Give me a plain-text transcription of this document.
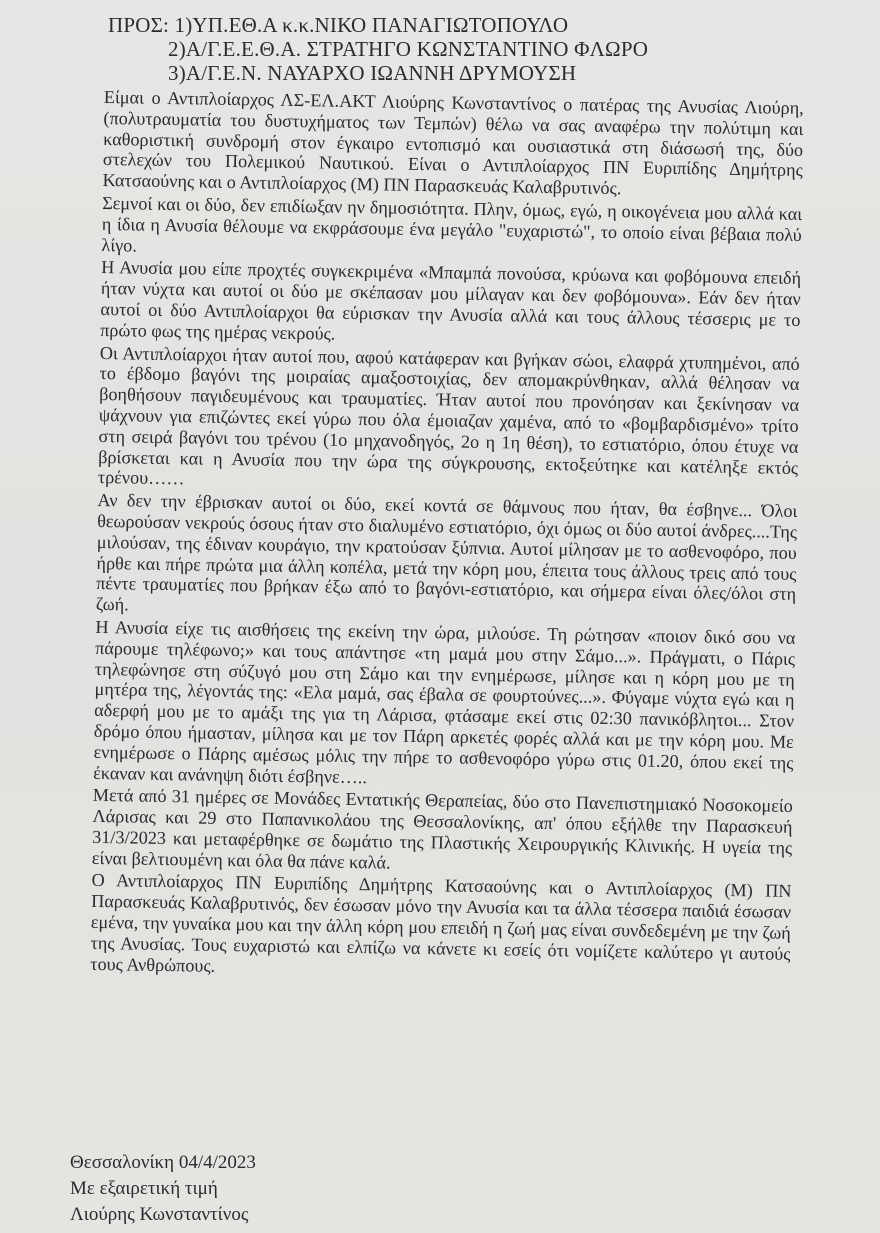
ΠΡΟΣ: 1)ΥΠ.ΕΘ.Α κ.κ.ΝΙΚΟ ΠΑΝΑΓΙΩΤΟΠΟΥΛΟ
2)Α/Γ.Ε.Ε.Θ.Α. ΣΤΡΑΤΗΓΟ ΚΩΝΣΤΑΝΤΙΝΟ ΦΛΩΡΟ
3)Α/Γ.Ε.Ν. ΝΑΥΑΡΧΟ ΙΩΑΝΝΗ ΔΡΥΜΟΥΣΗ

Είμαι ο Αντιπλοίαρχος ΛΣ-ΕΛ.ΑΚΤ Λιούρης Κωνσταντίνος ο πατέρας της Ανυσίας Λιούρη, (πολυτραυματία του δυστυχήματος των Τεμπών) θέλω να σας αναφέρω την πολύτιμη και καθοριστική συνδρομή στον έγκαιρο εντοπισμό και ουσιαστικά στη διάσωσή της, δύο στελεχών του Πολεμικού Ναυτικού. Είναι ο Αντιπλοίαρχος ΠΝ Ευριπίδης Δημήτρης Κατσαούνης και ο Αντιπλοίαρχος (Μ) ΠΝ Παρασκευάς Καλαβρυτινός.

Σεμνοί και οι δύο, δεν επιδίωξαν ην δημοσιότητα. Πλην, όμως, εγώ, η οικογένεια μου αλλά και η ίδια η Ανυσία θέλουμε να εκφράσουμε ένα μεγάλο "ευχαριστώ", το οποίο είναι βέβαια πολύ λίγο.

Η Ανυσία μου είπε προχτές συγκεκριμένα «Μπαμπά πονούσα, κρύωνα και φοβόμουνα επειδή ήταν νύχτα και αυτοί οι δύο με σκέπασαν μου μίλαγαν και δεν φοβόμουνα». Εάν δεν ήταν αυτοί οι δύο Αντιπλοίαρχοι θα εύρισκαν την Ανυσία αλλά και τους άλλους τέσσερις με το πρώτο φως της ημέρας νεκρούς.

Οι Αντιπλοίαρχοι ήταν αυτοί που, αφού κατάφεραν και βγήκαν σώοι, ελαφρά χτυπημένοι, από το έβδομο βαγόνι της μοιραίας αμαξοστοιχίας, δεν απομακρύνθηκαν, αλλά θέλησαν να βοηθήσουν παγιδευμένους και τραυματίες. Ήταν αυτοί που προνόησαν και ξεκίνησαν να ψάχνουν για επιζώντες εκεί γύρω που όλα έμοιαζαν χαμένα, από το «βομβαρδισμένο» τρίτο στη σειρά βαγόνι του τρένου (1ο μηχανοδηγός, 2ο η 1η θέση), το εστιατόριο, όπου έτυχε να βρίσκεται και η Ανυσία που την ώρα της σύγκρουσης, εκτοξεύτηκε και κατέληξε εκτός τρένου……

Αν δεν την έβρισκαν αυτοί οι δύο, εκεί κοντά σε θάμνους που ήταν, θα έσβηνε... Όλοι θεωρούσαν νεκρούς όσους ήταν στο διαλυμένο εστιατόριο, όχι όμως οι δύο αυτοί άνδρες....Της μιλούσαν, της έδιναν κουράγιο, την κρατούσαν ξύπνια. Αυτοί μίλησαν με το ασθενοφόρο, που ήρθε και πήρε πρώτα μια άλλη κοπέλα, μετά την κόρη μου, έπειτα τους άλλους τρεις από τους πέντε τραυματίες που βρήκαν έξω από το βαγόνι-εστιατόριο, και σήμερα είναι όλες/όλοι στη ζωή.

Η Ανυσία είχε τις αισθήσεις της εκείνη την ώρα, μιλούσε. Τη ρώτησαν «ποιον δικό σου να πάρουμε τηλέφωνο;» και τους απάντησε «τη μαμά μου στην Σάμο...». Πράγματι, ο Πάρις τηλεφώνησε στη σύζυγό μου στη Σάμο και την ενημέρωσε, μίλησε και η κόρη μου με τη μητέρα της, λέγοντάς της: «Ελα μαμά, σας έβαλα σε φουρτούνες...». Φύγαμε νύχτα εγώ και η αδερφή μου με το αμάξι της για τη Λάρισα, φτάσαμε εκεί στις 02:30 πανικόβλητοι... Στον δρόμο όπου ήμασταν, μίλησα και με τον Πάρη αρκετές φορές αλλά και με την κόρη μου. Με ενημέρωσε ο Πάρης αμέσως μόλις την πήρε το ασθενοφόρο γύρω στις 01.20, όπου εκεί της έκαναν και ανάνηψη διότι έσβηνε…..

Μετά από 31 ημέρες σε Μονάδες Εντατικής Θεραπείας, δύο στο Πανεπιστημιακό Νοσοκομείο Λάρισας και 29 στο Παπανικολάου της Θεσσαλονίκης, απ' όπου εξήλθε την Παρασκευή 31/3/2023 και μεταφέρθηκε σε δωμάτιο της Πλαστικής Χειρουργικής Κλινικής. Η υγεία της είναι βελτιουμένη και όλα θα πάνε καλά.

Ο Αντιπλοίαρχος ΠΝ Ευριπίδης Δημήτρης Κατσαούνης και ο Αντιπλοίαρχος (Μ) ΠΝ Παρασκευάς Καλαβρυτινός, δεν έσωσαν μόνο την Ανυσία και τα άλλα τέσσερα παιδιά έσωσαν εμένα, την γυναίκα μου και την άλλη κόρη μου επειδή η ζωή μας είναι συνδεδεμένη με την ζωή της Ανυσίας. Τους ευχαριστώ και ελπίζω να κάνετε κι εσείς ότι νομίζετε καλύτερο γι αυτούς τους Ανθρώπους.

Θεσσαλονίκη 04/4/2023
Με εξαιρετική τιμή
Λιούρης Κωνσταντίνος
